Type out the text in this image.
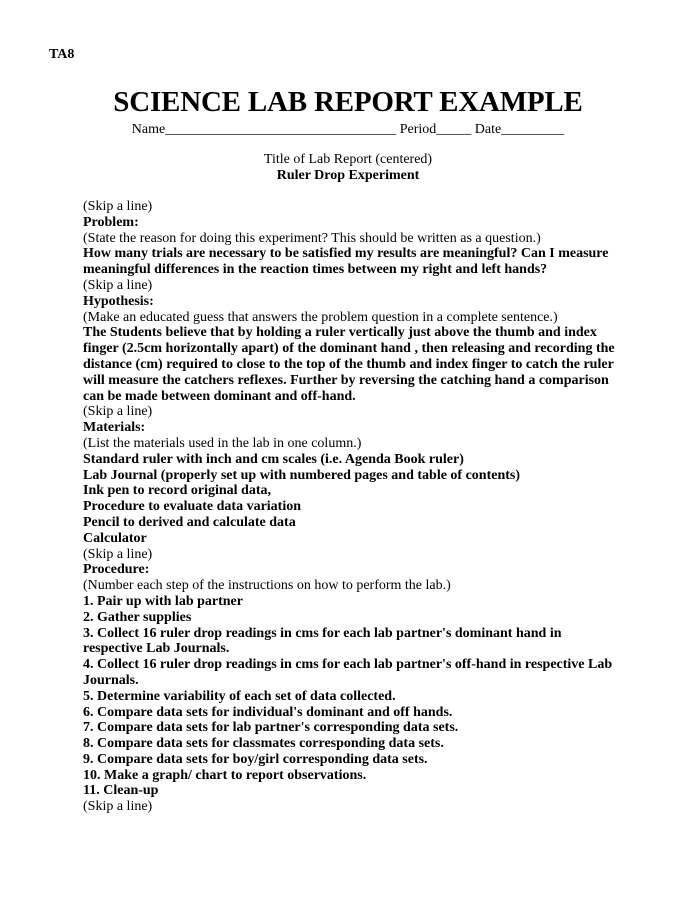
TA8
SCIENCE LAB REPORT EXAMPLE
Name_________________________________ Period_____ Date_________
Title of Lab Report (centered)
Ruler Drop Experiment
(Skip a line)
Problem:
(State the reason for doing this experiment? This should be written as a question.)
How many trials are necessary to be satisfied my results are meaningful? Can I measure meaningful differences in the reaction times between my right and left hands?
(Skip a line)
Hypothesis:
(Make an educated guess that answers the problem question in a complete sentence.)
The Students believe that by holding a ruler vertically just above the thumb and index finger (2.5cm horizontally apart) of the dominant hand , then releasing and recording the distance (cm) required to close to the top of the thumb and index finger to catch the ruler will measure the catchers reflexes. Further by reversing the catching hand a comparison can be made between dominant and off-hand.
(Skip a line)
Materials:
(List the materials used in the lab in one column.)
Standard ruler with inch and cm scales (i.e. Agenda Book ruler)
Lab Journal (properly set up with numbered pages and table of contents)
Ink pen to record original data,
Procedure to evaluate data variation
Pencil to derived and calculate data
Calculator
(Skip a line)
Procedure:
(Number each step of the instructions on how to perform the lab.)
1. Pair up with lab partner
2. Gather supplies
3. Collect 16 ruler drop readings in cms for each lab partner's dominant hand in respective Lab Journals.
4. Collect 16 ruler drop readings in cms for each lab partner's off-hand in respective Lab Journals.
5. Determine variability of each set of data collected.
6. Compare data sets for individual's dominant and off hands.
7. Compare data sets for lab partner's corresponding data sets.
8. Compare data sets for classmates corresponding data sets.
9. Compare data sets for boy/girl corresponding data sets.
10. Make a graph/ chart to report observations.
11. Clean-up
(Skip a line)
